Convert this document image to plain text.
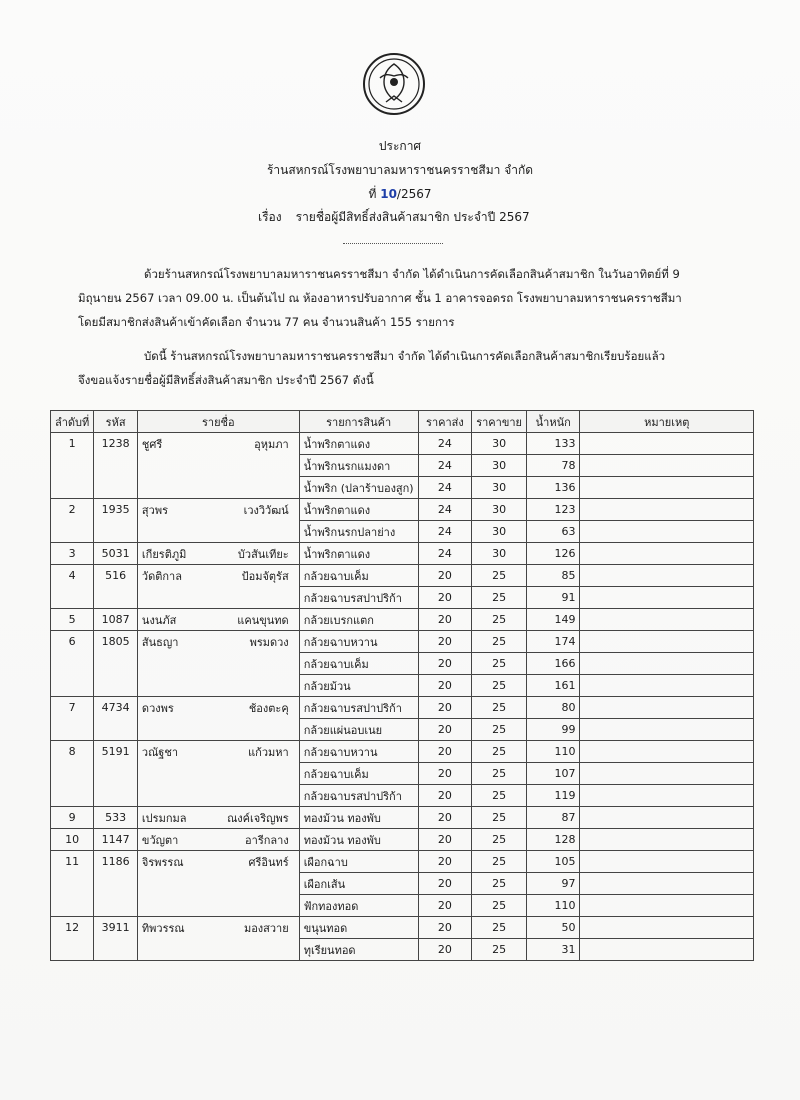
ประกาศ
ร้านสหกรณ์โรงพยาบาลมหาราชนครราชสีมา จำกัด
ที่ 10/2567
เรื่อง รายชื่อผู้มีสิทธิ์ส่งสินค้าสมาชิก ประจำปี 2567
ด้วยร้านสหกรณ์โรงพยาบาลมหาราชนครราชสีมา จำกัด ได้ดำเนินการคัดเลือกสินค้าสมาชิก ในวันอาทิตย์ที่ 9
มิถุนายน 2567 เวลา 09.00 น. เป็นต้นไป ณ ห้องอาหารปรับอากาศ ชั้น 1 อาคารจอดรถ โรงพยาบาลมหาราชนครราชสีมา
โดยมีสมาชิกส่งสินค้าเข้าคัดเลือก จำนวน 77 คน จำนวนสินค้า 155 รายการ
บัดนี้ ร้านสหกรณ์โรงพยาบาลมหาราชนครราชสีมา จำกัด ได้ดำเนินการคัดเลือกสินค้าสมาชิกเรียบร้อยแล้ว
จึงขอแจ้งรายชื่อผู้มีสิทธิ์ส่งสินค้าสมาชิก ประจำปี 2567 ดังนี้
ลำดับที่	รหัส	รายชื่อ	รายการสินค้า	ราคาส่ง	ราคาขาย	น้ำหนัก	หมายเหตุ
1	1238	ชูศรี อุหุมภา	น้ำพริกตาแดง	24	30	133	
			น้ำพริกนรกแมงดา	24	30	78	
			น้ำพริก (ปลาร้าบองสูก)	24	30	136	
2	1935	สุวพร เวงวิวัฒน์	น้ำพริกตาแดง	24	30	123	
			น้ำพริกนรกปลาย่าง	24	30	63	
3	5031	เกียรติภูมิ บัวสันเทียะ	น้ำพริกตาแดง	24	30	126	
4	516	วัดติกาล ป้อมจัตุรัส	กล้วยฉาบเค็ม	20	25	85	
			กล้วยฉาบรสปาปริก้า	20	25	91	
5	1087	นงนภัส แคนขุนทด	กล้วยเบรกแตก	20	25	149	
6	1805	สันธญา พรมดวง	กล้วยฉาบหวาน	20	25	174	
			กล้วยฉาบเค็ม	20	25	166	
			กล้วยม้วน	20	25	161	
7	4734	ดวงพร ช้องตะคุ	กล้วยฉาบรสปาปริก้า	20	25	80	
			กล้วยแผ่นอบเนย	20	25	99	
8	5191	วณัฐชา แก้วมหา	กล้วยฉาบหวาน	20	25	110	
			กล้วยฉาบเค็ม	20	25	107	
			กล้วยฉาบรสปาปริก้า	20	25	119	
9	533	เปรมกมล ณงค์เจริญพร	ทองม้วน ทองพับ	20	25	87	
10	1147	ขวัญตา อารีกลาง	ทองม้วน ทองพับ	20	25	128	
11	1186	จิรพรรณ ศรีอินทร์	เผือกฉาบ	20	25	105	
			เผือกเส้น	20	25	97	
			ฟักทองทอด	20	25	110	
12	3911	ทิพวรรณ มองสวาย	ขนุนทอด	20	25	50	
			ทุเรียนทอด	20	25	31	
